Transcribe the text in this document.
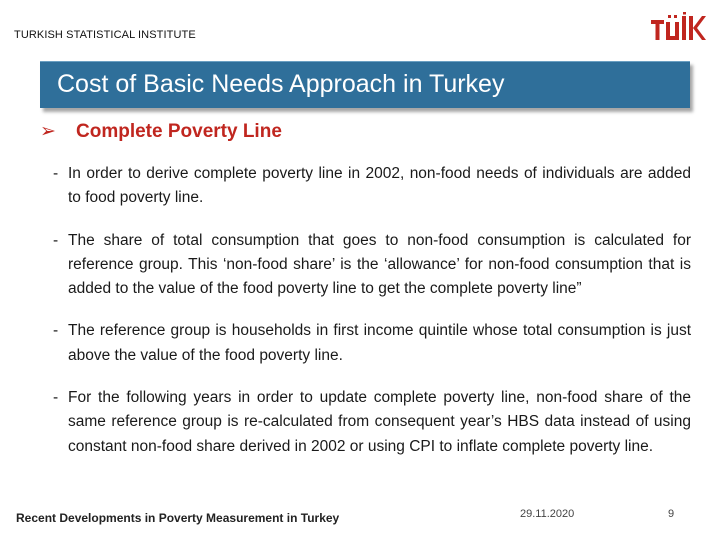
TURKISH STATISTICAL INSTITUTE
Cost of Basic Needs Approach in Turkey
➢ Complete Poverty Line
- In order to derive complete poverty line in 2002, non-food needs of individuals are added to food poverty line.
- The share of total consumption that goes to non-food consumption is calculated for reference group. This ‘non-food share’ is the ‘allowance’ for non-food consumption that is added to the value of the food poverty line to get the complete poverty line”
- The reference group is households in first income quintile whose total consumption is just above the value of the food poverty line.
- For the following years in order to update complete poverty line, non-food share of the same reference group is re-calculated from consequent year’s HBS data instead of using constant non-food share derived in 2002 or using CPI to inflate complete poverty line.
Recent Developments in Poverty Measurement in Turkey	29.11.2020	9
